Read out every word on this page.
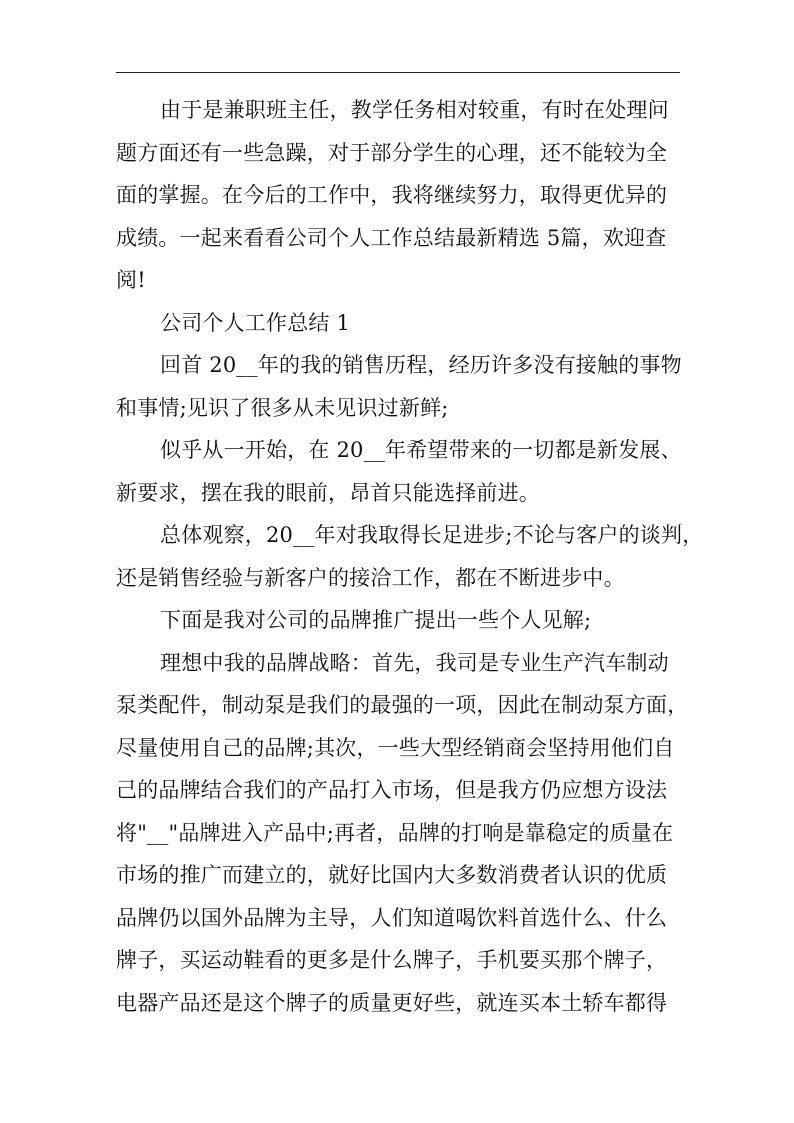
由于是兼职班主任，教学任务相对较重，有时在处理问
题方面还有一些急躁，对于部分学生的心理，还不能较为全
面的掌握。在今后的工作中，我将继续努力，取得更优异的
成绩。一起来看看公司个人工作总结最新精选 5篇，欢迎查
阅!
公司个人工作总结 1
回首 20__年的我的销售历程，经历许多没有接触的事物
和事情;见识了很多从未见识过新鲜;
似乎从一开始，在 20__年希望带来的一切都是新发展、
新要求，摆在我的眼前，昂首只能选择前进。
总体观察，20__年对我取得长足进步;不论与客户的谈判，
还是销售经验与新客户的接洽工作，都在不断进步中。
下面是我对公司的品牌推广提出一些个人见解;
理想中我的品牌战略：首先，我司是专业生产汽车制动
泵类配件，制动泵是我们的最强的一项，因此在制动泵方面，
尽量使用自己的品牌;其次，一些大型经销商会坚持用他们自
己的品牌结合我们的产品打入市场，但是我方仍应想方设法
将"__"品牌进入产品中;再者，品牌的打响是靠稳定的质量在
市场的推广而建立的，就好比国内大多数消费者认识的优质
品牌仍以国外品牌为主导，人们知道喝饮料首选什么、什么
牌子，买运动鞋看的更多是什么牌子，手机要买那个牌子，
电器产品还是这个牌子的质量更好些，就连买本土轿车都得
